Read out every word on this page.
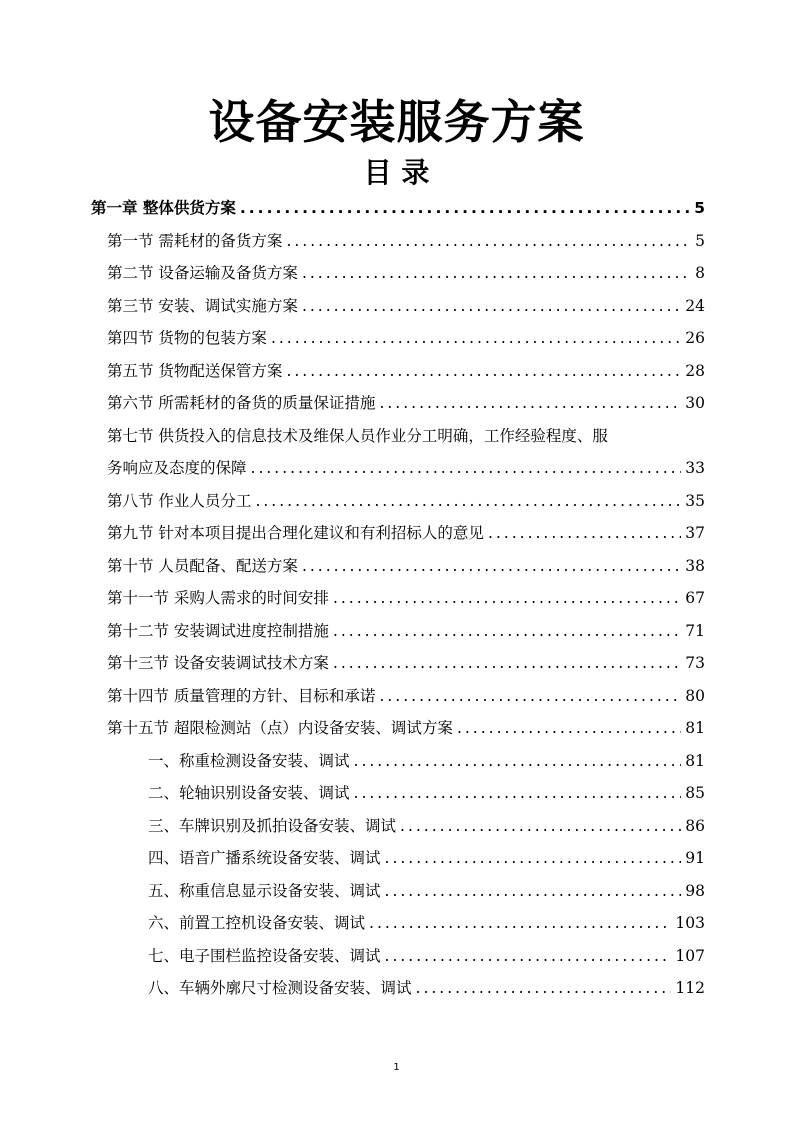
设备安装服务方案
目 录
第一章 整体供货方案 .....	5
第一节 需耗材的备货方案 .....	5
第二节 设备运输及备货方案 .....	8
第三节 安装、调试实施方案 .....	24
第四节 货物的包装方案 .....	26
第五节 货物配送保管方案 .....	28
第六节 所需耗材的备货的质量保证措施 .....	30
第七节 供货投入的信息技术及维保人员作业分工明确，工作经验程度、服
务响应及态度的保障 .....	33
第八节 作业人员分工 .....	35
第九节 针对本项目提出合理化建议和有利招标人的意见 .....	37
第十节 人员配备、配送方案 .....	38
第十一节 采购人需求的时间安排 .....	67
第十二节 安装调试进度控制措施 .....	71
第十三节 设备安装调试技术方案 .....	73
第十四节 质量管理的方针、目标和承诺 .....	80
第十五节 超限检测站（点）内设备安装、调试方案 .....	81
一、称重检测设备安装、调试 .....	81
二、轮轴识别设备安装、调试 .....	85
三、车牌识别及抓拍设备安装、调试 .....	86
四、语音广播系统设备安装、调试 .....	91
五、称重信息显示设备安装、调试 .....	98
六、前置工控机设备安装、调试 .....	103
七、电子围栏监控设备安装、调试 .....	107
八、车辆外廓尺寸检测设备安装、调试 .....	112
1
